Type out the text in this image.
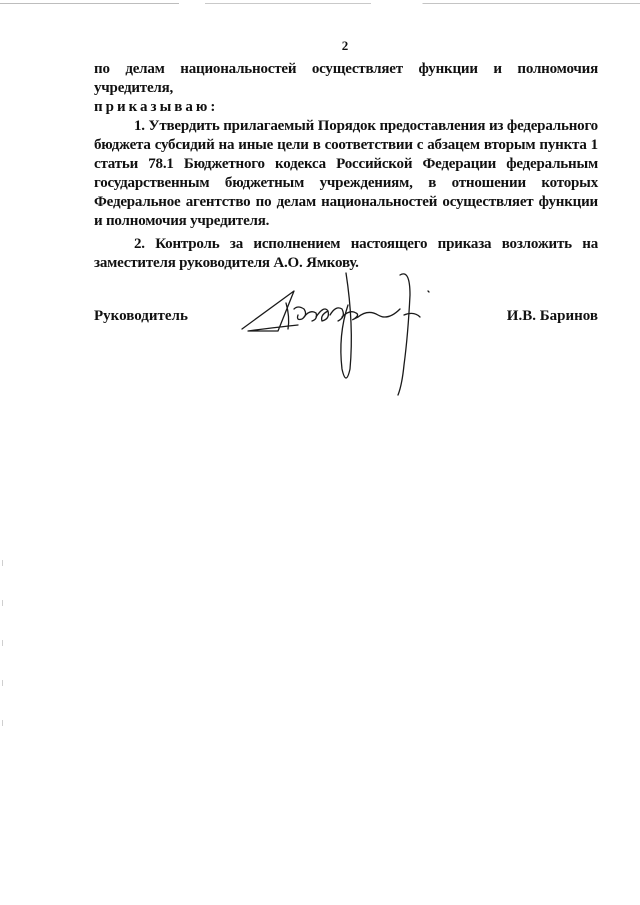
2

по делам национальностей осуществляет функции и полномочия учредителя,

приказываю:

1. Утвердить прилагаемый Порядок предоставления из федерального бюджета субсидий на иные цели в соответствии с абзацем вторым пункта 1 статьи 78.1 Бюджетного кодекса Российской Федерации федеральным государственным бюджетным учреждениям, в отношении которых Федеральное агентство по делам национальностей осуществляет функции и полномочия учредителя.

2. Контроль за исполнением настоящего приказа возложить на заместителя руководителя А.О. Ямкову.

Руководитель	И.В. Баринов
